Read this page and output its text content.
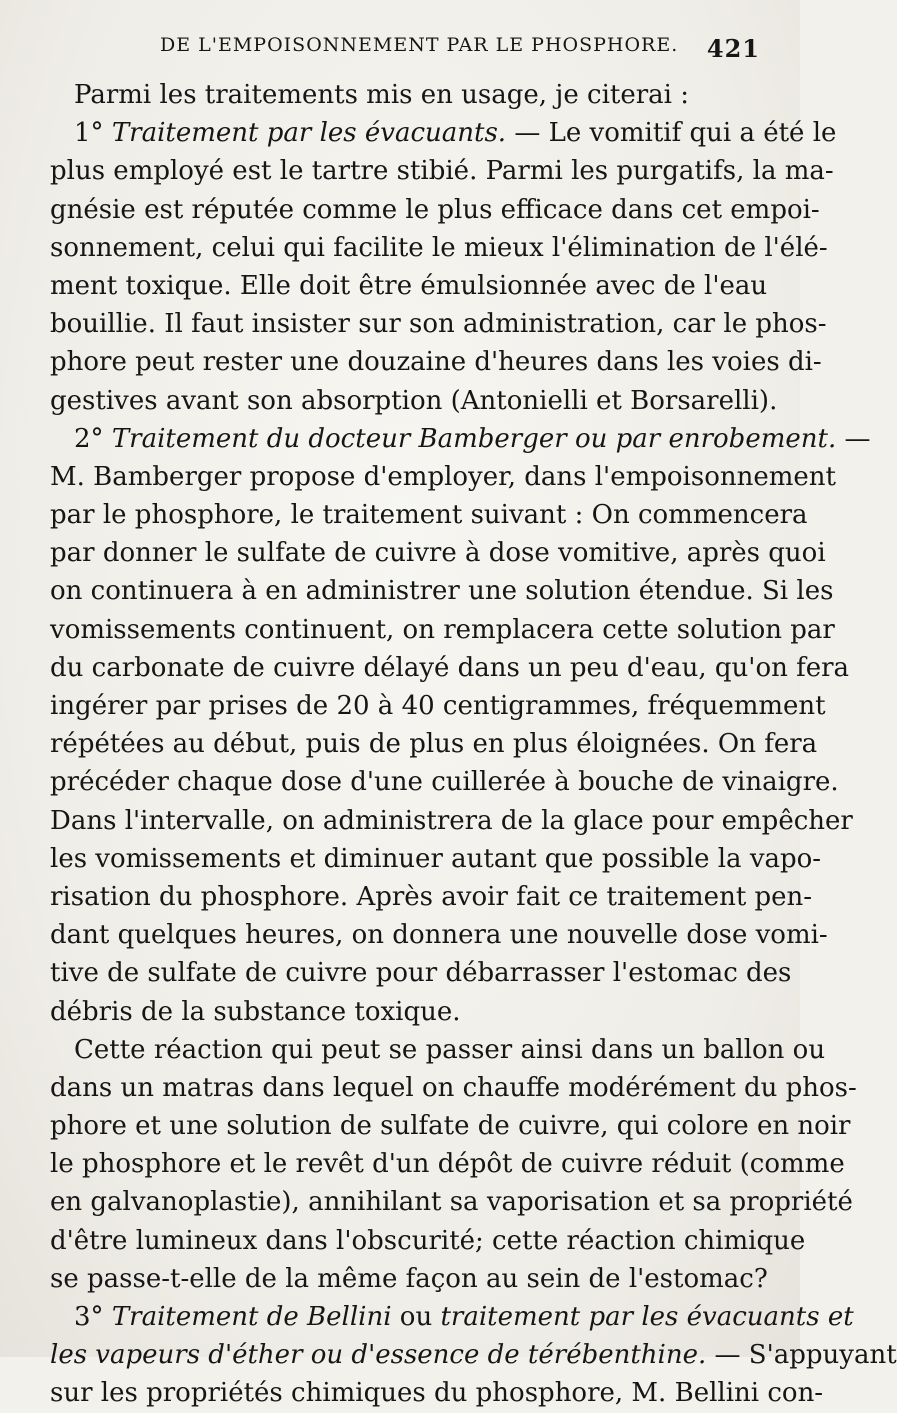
DE L'EMPOISONNEMENT PAR LE PHOSPHORE. 421
Parmi les traitements mis en usage, je citerai :
1° Traitement par les évacuants. — Le vomitif qui a été le
plus employé est le tartre stibié. Parmi les purgatifs, la ma-
gnésie est réputée comme le plus efficace dans cet empoi-
sonnement, celui qui facilite le mieux l'élimination de l'élé-
ment toxique. Elle doit être émulsionnée avec de l'eau
bouillie. Il faut insister sur son administration, car le phos-
phore peut rester une douzaine d'heures dans les voies di-
gestives avant son absorption (Antonielli et Borsarelli).
2° Traitement du docteur Bamberger ou par enrobement. —
M. Bamberger propose d'employer, dans l'empoisonnement
par le phosphore, le traitement suivant : On commencera
par donner le sulfate de cuivre à dose vomitive, après quoi
on continuera à en administrer une solution étendue. Si les
vomissements continuent, on remplacera cette solution par
du carbonate de cuivre délayé dans un peu d'eau, qu'on fera
ingérer par prises de 20 à 40 centigrammes, fréquemment
répétées au début, puis de plus en plus éloignées. On fera
précéder chaque dose d'une cuillerée à bouche de vinaigre.
Dans l'intervalle, on administrera de la glace pour empêcher
les vomissements et diminuer autant que possible la vapo-
risation du phosphore. Après avoir fait ce traitement pen-
dant quelques heures, on donnera une nouvelle dose vomi-
tive de sulfate de cuivre pour débarrasser l'estomac des
débris de la substance toxique.
Cette réaction qui peut se passer ainsi dans un ballon ou
dans un matras dans lequel on chauffe modérément du phos-
phore et une solution de sulfate de cuivre, qui colore en noir
le phosphore et le revêt d'un dépôt de cuivre réduit (comme
en galvanoplastie), annihilant sa vaporisation et sa propriété
d'être lumineux dans l'obscurité; cette réaction chimique
se passe-t-elle de la même façon au sein de l'estomac?
3° Traitement de Bellini ou traitement par les évacuants et
les vapeurs d'éther ou d'essence de térébenthine. — S'appuyant
sur les propriétés chimiques du phosphore, M. Bellini con-
